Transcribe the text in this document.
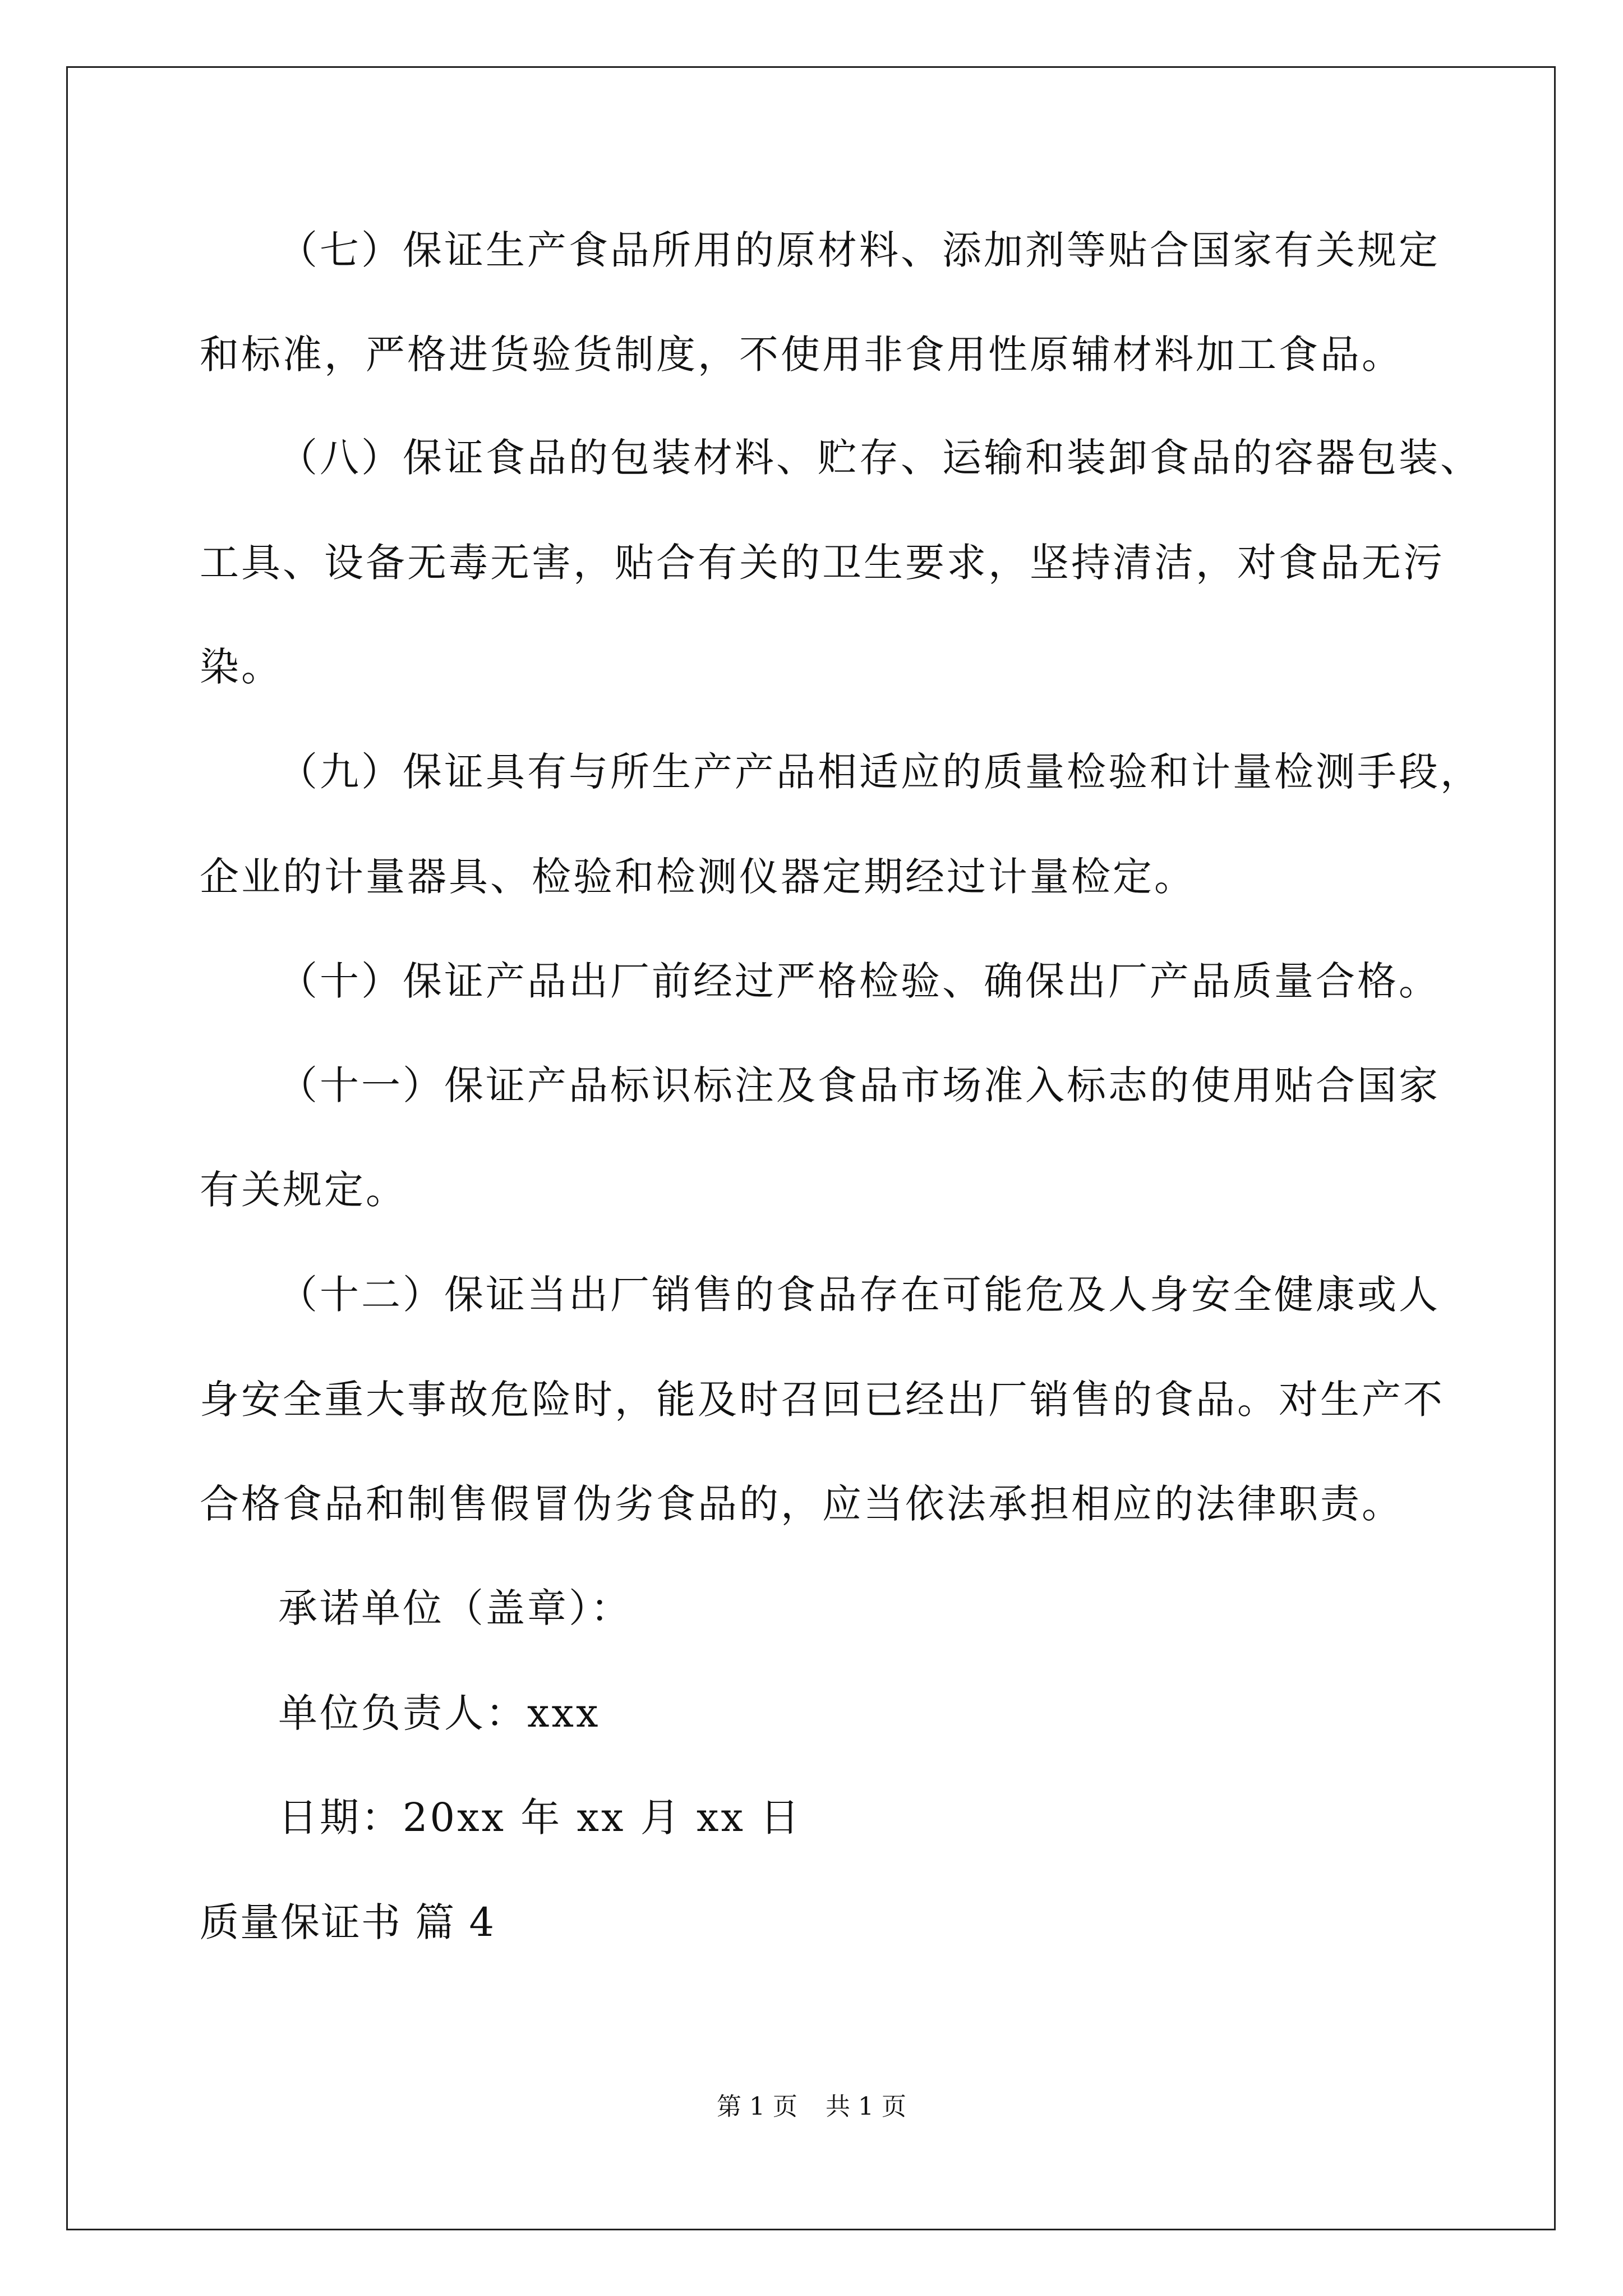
（七）保证生产食品所用的原材料、添加剂等贴合国家有关规定
和标准，严格进货验货制度，不使用非食用性原辅材料加工食品。
（八）保证食品的包装材料、贮存、运输和装卸食品的容器包装、
工具、设备无毒无害，贴合有关的卫生要求，坚持清洁，对食品无污
染。
（九）保证具有与所生产产品相适应的质量检验和计量检测手段，
企业的计量器具、检验和检测仪器定期经过计量检定。
（十）保证产品出厂前经过严格检验、确保出厂产品质量合格。
（十一）保证产品标识标注及食品市场准入标志的使用贴合国家
有关规定。
（十二）保证当出厂销售的食品存在可能危及人身安全健康或人
身安全重大事故危险时，能及时召回已经出厂销售的食品。对生产不
合格食品和制售假冒伪劣食品的，应当依法承担相应的法律职责。
承诺单位（盖章）：
单位负责人：xxx
日期：20xx 年 xx 月 xx 日
质量保证书 篇 4
第 1 页 共 1 页
